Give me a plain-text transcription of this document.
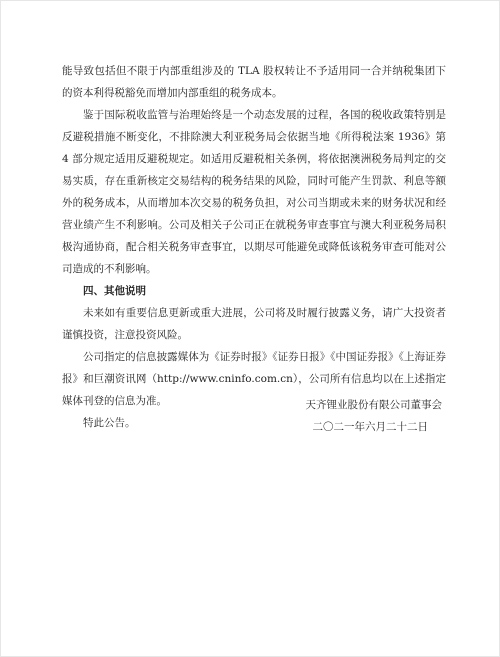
能导致包括但不限于内部重组涉及的 TLA 股权转让不予适用同一合并纳税集团下的资本利得税豁免而增加内部重组的税务成本。

鉴于国际税收监管与治理始终是一个动态发展的过程，各国的税收政策特别是反避税措施不断变化，不排除澳大利亚税务局会依据当地《所得税法案 1936》第 4 部分规定适用反避税规定。如适用反避税相关条例，将依据澳洲税务局判定的交易实质，存在重新核定交易结构的税务结果的风险，同时可能产生罚款、利息等额外的税务成本，从而增加本次交易的税务负担，对公司当期或未来的财务状况和经营业绩产生不利影响。公司及相关子公司正在就税务审查事宜与澳大利亚税务局积极沟通协商，配合相关税务审查事宜，以期尽可能避免或降低该税务审查可能对公司造成的不利影响。

四、其他说明

未来如有重要信息更新或重大进展，公司将及时履行披露义务，请广大投资者谨慎投资，注意投资风险。

公司指定的信息披露媒体为《证券时报》《证券日报》《中国证券报》《上海证券报》和巨潮资讯网（http://www.cninfo.com.cn），公司所有信息均以在上述指定媒体刊登的信息为准。

特此公告。

天齐锂业股份有限公司董事会
二〇二一年六月二十二日
